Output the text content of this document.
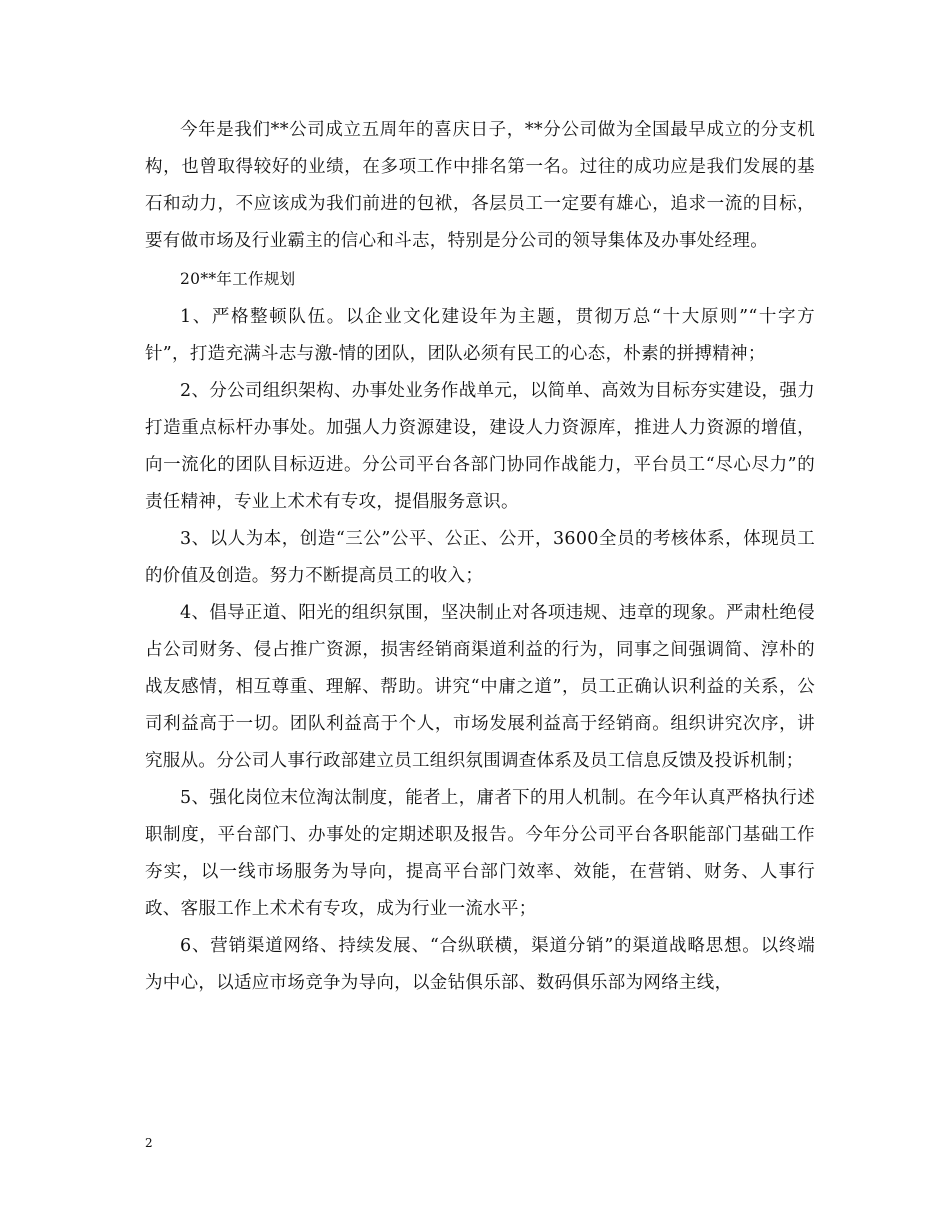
今年是我们**公司成立五周年的喜庆日子，**分公司做为全国最早成立的分支机构，也曾取得较好的业绩，在多项工作中排名第一名。过往的成功应是我们发展的基石和动力，不应该成为我们前进的包袱，各层员工一定要有雄心，追求一流的目标，要有做市场及行业霸主的信心和斗志，特别是分公司的领导集体及办事处经理。

20**年工作规划

1、严格整顿队伍。以企业文化建设年为主题，贯彻万总“十大原则”“十字方针”，打造充满斗志与激-情的团队，团队必须有民工的心态，朴素的拼搏精神；

2、分公司组织架构、办事处业务作战单元，以简单、高效为目标夯实建设，强力打造重点标杆办事处。加强人力资源建设，建设人力资源库，推进人力资源的增值，向一流化的团队目标迈进。分公司平台各部门协同作战能力，平台员工“尽心尽力”的责任精神，专业上术术有专攻，提倡服务意识。

3、以人为本，创造“三公”公平、公正、公开，3600全员的考核体系，体现员工的价值及创造。努力不断提高员工的收入；

4、倡导正道、阳光的组织氛围，坚决制止对各项违规、违章的现象。严肃杜绝侵占公司财务、侵占推广资源，损害经销商渠道利益的行为，同事之间强调简、淳朴的战友感情，相互尊重、理解、帮助。讲究“中庸之道”，员工正确认识利益的关系，公司利益高于一切。团队利益高于个人，市场发展利益高于经销商。组织讲究次序，讲究服从。分公司人事行政部建立员工组织氛围调查体系及员工信息反馈及投诉机制；

5、强化岗位末位淘汰制度，能者上，庸者下的用人机制。在今年认真严格执行述职制度，平台部门、办事处的定期述职及报告。今年分公司平台各职能部门基础工作夯实，以一线市场服务为导向，提高平台部门效率、效能，在营销、财务、人事行政、客服工作上术术有专攻，成为行业一流水平；

6、营销渠道网络、持续发展、“合纵联横，渠道分销”的渠道战略思想。以终端为中心，以适应市场竞争为导向，以金钻俱乐部、数码俱乐部为网络主线，

2
